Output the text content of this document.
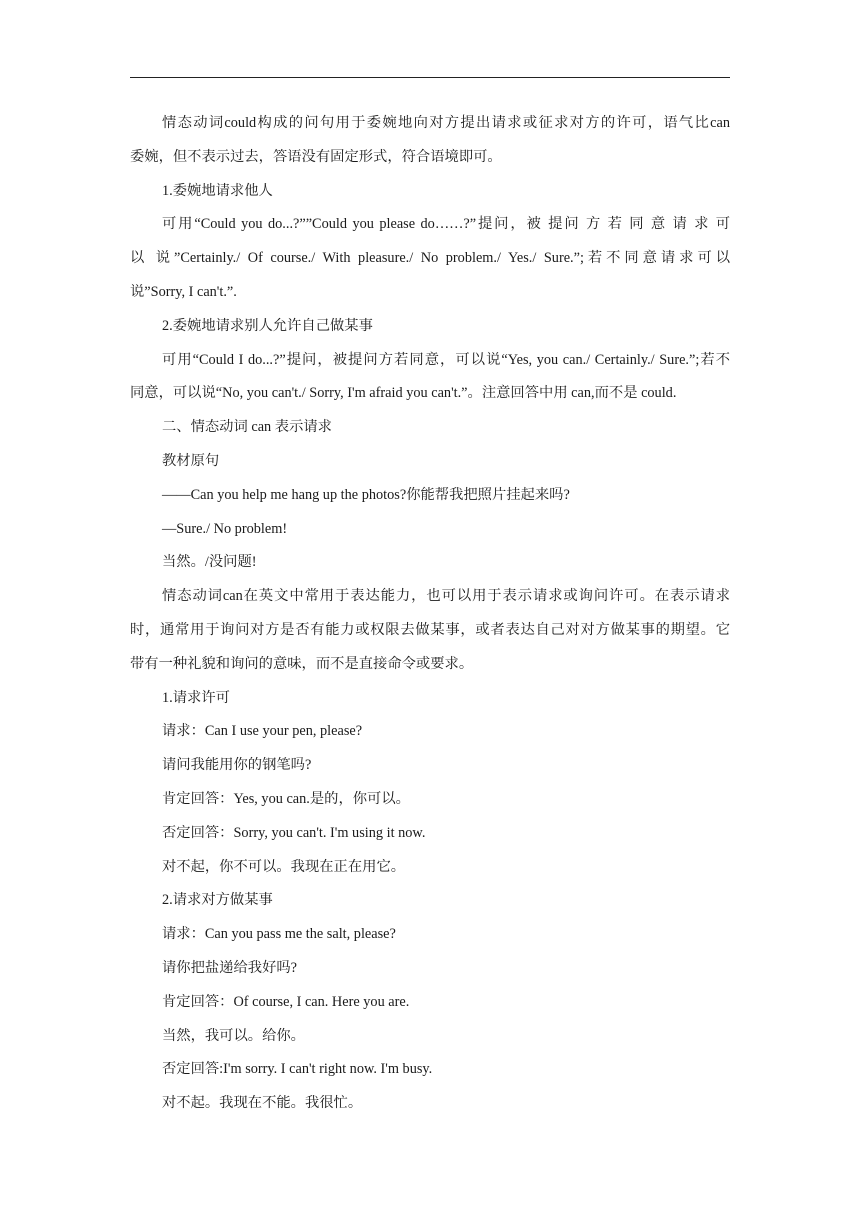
情态动词could构成的问句用于委婉地向对方提出请求或征求对方的许可，语气比can
委婉，但不表示过去，答语没有固定形式，符合语境即可。
1.委婉地请求他人
可用“Could you do...?””Could you please do……?”提问，被 提问 方 若 同 意 请 求 可
以 说”Certainly./ Of course./ With pleasure./ No problem./ Yes./ Sure.”;若不同意请求可以
说”Sorry, I can't.”.
2.委婉地请求别人允许自己做某事
可用“Could I do...?”提问，被提问方若同意，可以说“Yes, you can./ Certainly./ Sure.”;若不
同意，可以说“No, you can't./ Sorry, I'm afraid you can't.”。注意回答中用 can,而不是 could.
二、情态动词 can 表示请求
教材原句
——Can you help me hang up the photos?你能帮我把照片挂起来吗?
—Sure./ No problem!
当然。/没问题!
情态动词can在英文中常用于表达能力，也可以用于表示请求或询问许可。在表示请求
时，通常用于询问对方是否有能力或权限去做某事，或者表达自己对对方做某事的期望。它
带有一种礼貌和询问的意味，而不是直接命令或要求。
1.请求许可
请求：Can I use your pen, please?
请问我能用你的钢笔吗?
肯定回答：Yes, you can.是的，你可以。
否定回答：Sorry, you can't. I'm using it now.
对不起，你不可以。我现在正在用它。
2.请求对方做某事
请求：Can you pass me the salt, please?
请你把盐递给我好吗?
肯定回答：Of course, I can. Here you are.
当然，我可以。给你。
否定回答:I'm sorry. I can't right now. I'm busy.
对不起。我现在不能。我很忙。
